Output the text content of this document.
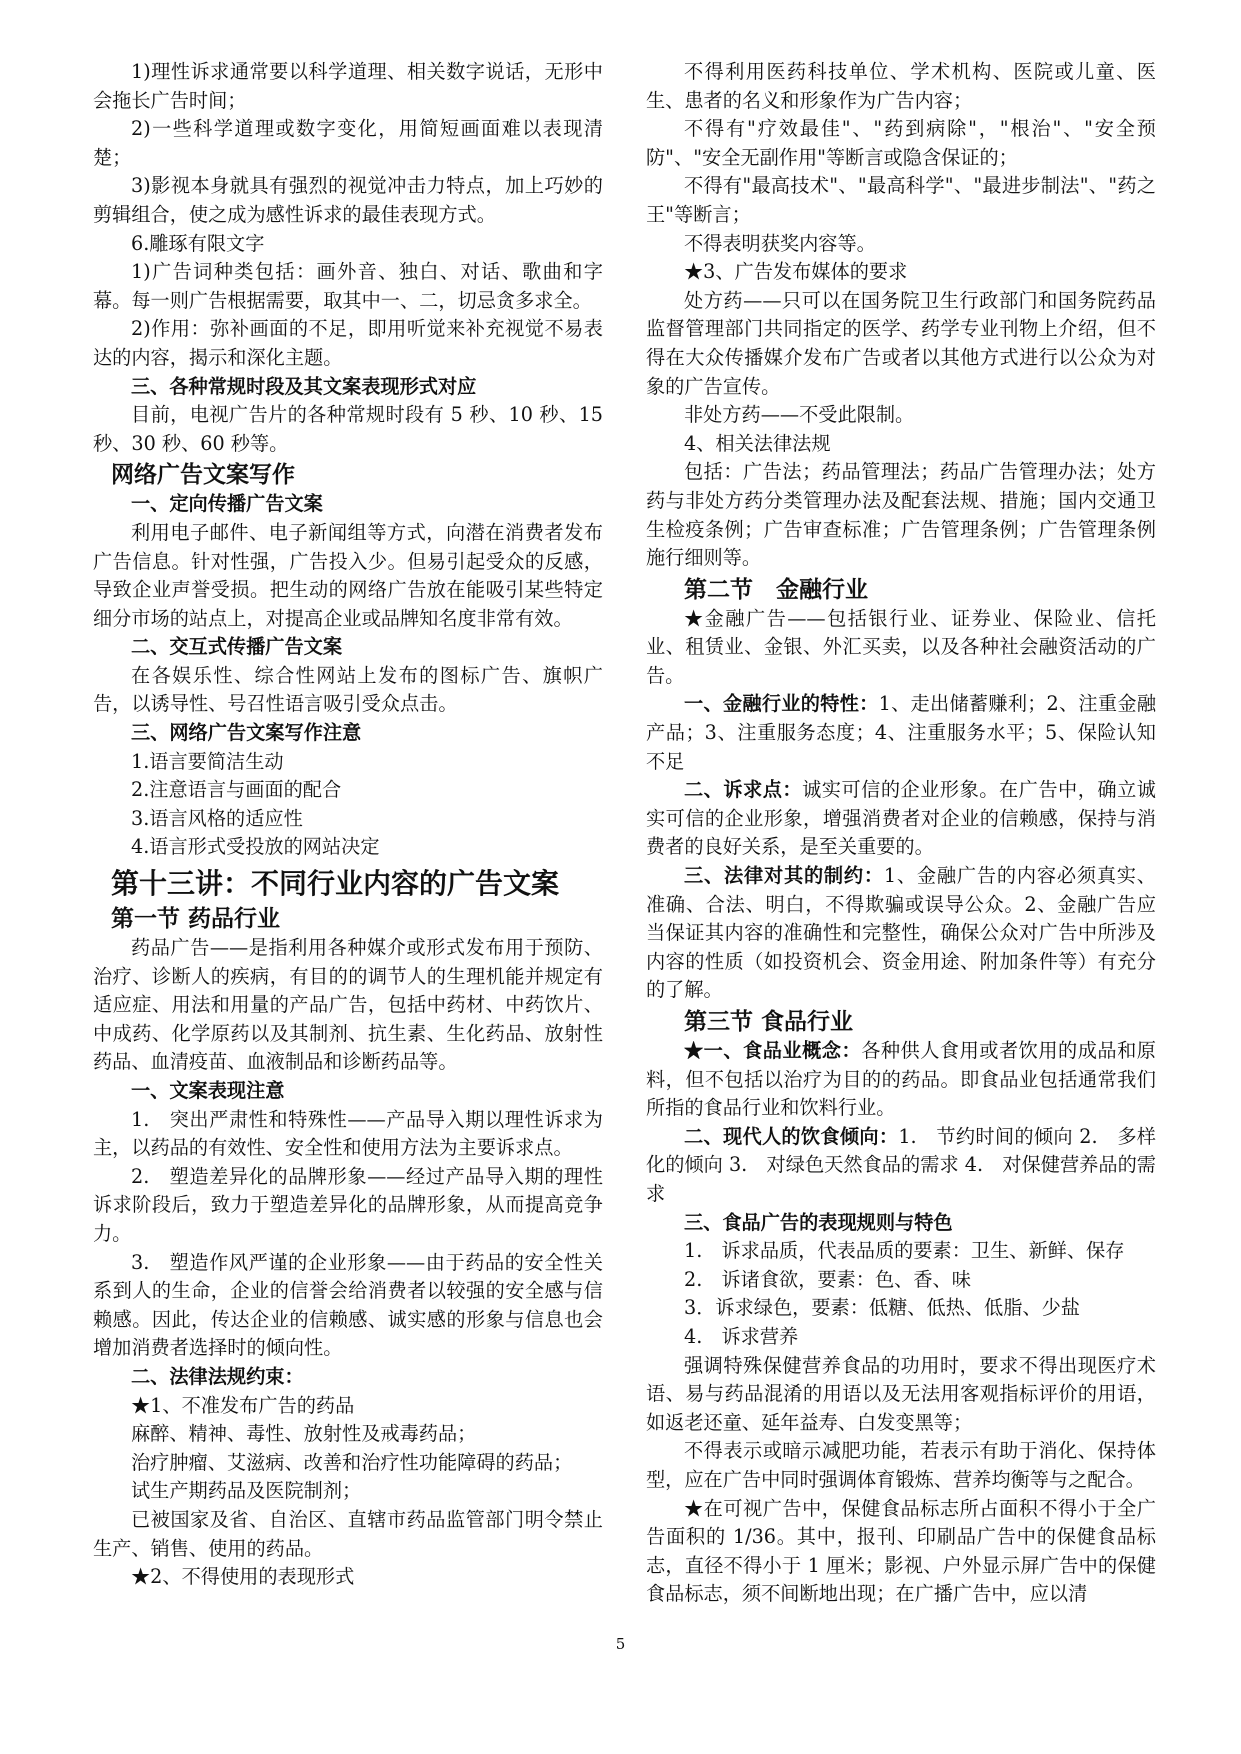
1)理性诉求通常要以科学道理、相关数字说话，无形中会拖长广告时间；

2)一些科学道理或数字变化，用简短画面难以表现清楚；

3)影视本身就具有强烈的视觉冲击力特点，加上巧妙的剪辑组合，使之成为感性诉求的最佳表现方式。

6.雕琢有限文字

1)广告词种类包括：画外音、独白、对话、歌曲和字幕。每一则广告根据需要，取其中一、二，切忌贪多求全。

2)作用：弥补画面的不足，即用听觉来补充视觉不易表达的内容，揭示和深化主题。

三、各种常规时段及其文案表现形式对应

目前，电视广告片的各种常规时段有 5 秒、10 秒、15 秒、30 秒、60 秒等。

网络广告文案写作

一、定向传播广告文案

利用电子邮件、电子新闻组等方式，向潜在消费者发布广告信息。针对性强，广告投入少。但易引起受众的反感，导致企业声誉受损。把生动的网络广告放在能吸引某些特定细分市场的站点上，对提高企业或品牌知名度非常有效。

二、交互式传播广告文案

在各娱乐性、综合性网站上发布的图标广告、旗帜广告，以诱导性、号召性语言吸引受众点击。

三、网络广告文案写作注意

1.语言要简洁生动

2.注意语言与画面的配合

3.语言风格的适应性

4.语言形式受投放的网站决定

第十三讲：不同行业内容的广告文案

第一节 药品行业

药品广告——是指利用各种媒介或形式发布用于预防、治疗、诊断人的疾病，有目的的调节人的生理机能并规定有适应症、用法和用量的产品广告，包括中药材、中药饮片、中成药、化学原药以及其制剂、抗生素、生化药品、放射性药品、血清疫苗、血液制品和诊断药品等。

一、文案表现注意

1.　突出严肃性和特殊性——产品导入期以理性诉求为主，以药品的有效性、安全性和使用方法为主要诉求点。

2.　塑造差异化的品牌形象——经过产品导入期的理性诉求阶段后，致力于塑造差异化的品牌形象，从而提高竞争力。

3.　塑造作风严谨的企业形象——由于药品的安全性关系到人的生命，企业的信誉会给消费者以较强的安全感与信赖感。因此，传达企业的信赖感、诚实感的形象与信息也会增加消费者选择时的倾向性。

二、法律法规约束：

★1、不准发布广告的药品

麻醉、精神、毒性、放射性及戒毒药品；

治疗肿瘤、艾滋病、改善和治疗性功能障碍的药品；

试生产期药品及医院制剂；

已被国家及省、自治区、直辖市药品监管部门明令禁止生产、销售、使用的药品。

★2、不得使用的表现形式

不得利用医药科技单位、学术机构、医院或儿童、医生、患者的名义和形象作为广告内容；

不得有"疗效最佳"、"药到病除"，"根治"、"安全预防"、"安全无副作用"等断言或隐含保证的；

不得有"最高技术"、"最高科学"、"最进步制法"、"药之王"等断言；

不得表明获奖内容等。

★3、广告发布媒体的要求

处方药——只可以在国务院卫生行政部门和国务院药品监督管理部门共同指定的医学、药学专业刊物上介绍，但不得在大众传播媒介发布广告或者以其他方式进行以公众为对象的广告宣传。

非处方药——不受此限制。

4、相关法律法规

包括：广告法；药品管理法；药品广告管理办法；处方药与非处方药分类管理办法及配套法规、措施；国内交通卫生检疫条例；广告审查标准；广告管理条例；广告管理条例施行细则等。

第二节　金融行业

★金融广告——包括银行业、证券业、保险业、信托业、租赁业、金银、外汇买卖，以及各种社会融资活动的广告。

一、金融行业的特性：1、走出储蓄赚利；2、注重金融产品；3、注重服务态度；4、注重服务水平；5、保险认知不足

二、诉求点：诚实可信的企业形象。在广告中，确立诚实可信的企业形象，增强消费者对企业的信赖感，保持与消费者的良好关系，是至关重要的。

三、法律对其的制约：1、金融广告的内容必须真实、准确、合法、明白，不得欺骗或误导公众。2、金融广告应当保证其内容的准确性和完整性，确保公众对广告中所涉及内容的性质（如投资机会、资金用途、附加条件等）有充分的了解。

第三节 食品行业

★一、食品业概念：各种供人食用或者饮用的成品和原料，但不包括以治疗为目的的药品。即食品业包括通常我们所指的食品行业和饮料行业。

二、现代人的饮食倾向：1.　节约时间的倾向 2.　多样化的倾向 3.　对绿色天然食品的需求 4.　对保健营养品的需求

三、食品广告的表现规则与特色

1.　诉求品质，代表品质的要素：卫生、新鲜、保存

2.　诉诸食欲，要素：色、香、味

3．诉求绿色，要素：低糖、低热、低脂、少盐

4.　诉求营养

强调特殊保健营养食品的功用时，要求不得出现医疗术语、易与药品混淆的用语以及无法用客观指标评价的用语，如返老还童、延年益寿、白发变黑等；

不得表示或暗示减肥功能，若表示有助于消化、保持体型，应在广告中同时强调体育锻炼、营养均衡等与之配合。

★在可视广告中，保健食品标志所占面积不得小于全广告面积的 1/36。其中，报刊、印刷品广告中的保健食品标志，直径不得小于 1 厘米；影视、户外显示屏广告中的保健食品标志，须不间断地出现；在广播广告中，应以清

5
